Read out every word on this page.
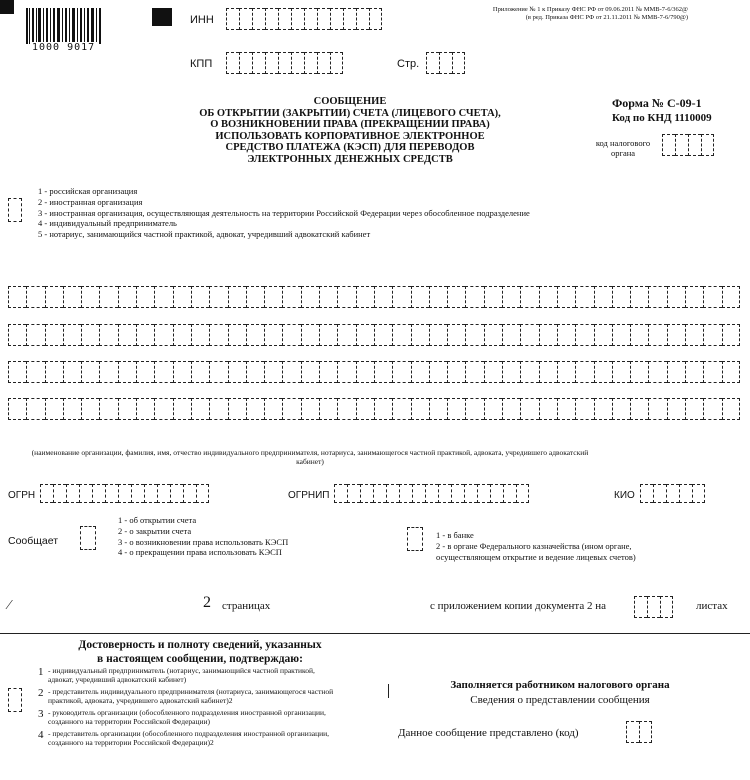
1000 9017
ИНН
КПП	Стр.
Приложение № 1 к Приказу ФНС РФ от 09.06.2011 № ММВ-7-6/362@
(в ред. Приказа ФНС РФ от 21.11.2011 № ММВ-7-6/790@)
СООБЩЕНИЕ
ОБ ОТКРЫТИИ (ЗАКРЫТИИ) СЧЕТА (ЛИЦЕВОГО СЧЕТА),
О ВОЗНИКНОВЕНИИ ПРАВА (ПРЕКРАЩЕНИИ ПРАВА)
ИСПОЛЬЗОВАТЬ КОРПОРАТИВНОЕ ЭЛЕКТРОННОЕ
СРЕДСТВО ПЛАТЕЖА (КЭСП) ДЛЯ ПЕРЕВОДОВ
ЭЛЕКТРОННЫХ ДЕНЕЖНЫХ СРЕДСТВ
Форма № С-09-1
Код по КНД 1110009
код налогового органа
1 - российская организация
2 - иностранная организация
3 - иностранная организация, осуществляющая деятельность на территории Российской Федерации через обособленное подразделение
4 - индивидуальный предприниматель
5 - нотариус, занимающийся частной практикой, адвокат, учредивший адвокатский кабинет
(наименование организации, фамилия, имя, отчество индивидуального предпринимателя, нотариуса, занимающегося частной практикой, адвоката, учредившего адвокатский кабинет)
ОГРН	ОГРНИП	КИО
Сообщает
1 - об открытии счета
2 - о закрытии счета
3 - о возникновении права использовать КЭСП
4 - о прекращении права использовать КЭСП
1 - в банке
2 - в органе Федерального казначейства (ином органе, осуществляющем открытие и ведение лицевых счетов)
⁄	2 страницах	с приложением копии документа 2 на	листах
Достоверность и полноту сведений, указанных
в настоящем сообщении, подтверждаю:
1 - индивидуальный предприниматель (нотариус, занимающийся частной практикой, адвокат, учредивший адвокатский кабинет)
2 - представитель индивидуального предпринимателя (нотариуса, занимающегося частной практикой, адвоката, учредившего адвокатский кабинет)2
3 - руководитель организации (обособленного подразделения иностранной организации, созданного на территории Российской Федерации)
4 - представитель организации (обособленного подразделения иностранной организации, созданного на территории Российской Федерации)2
Заполняется работником налогового органа
Сведения о представлении сообщения
Данное сообщение представлено (код)
